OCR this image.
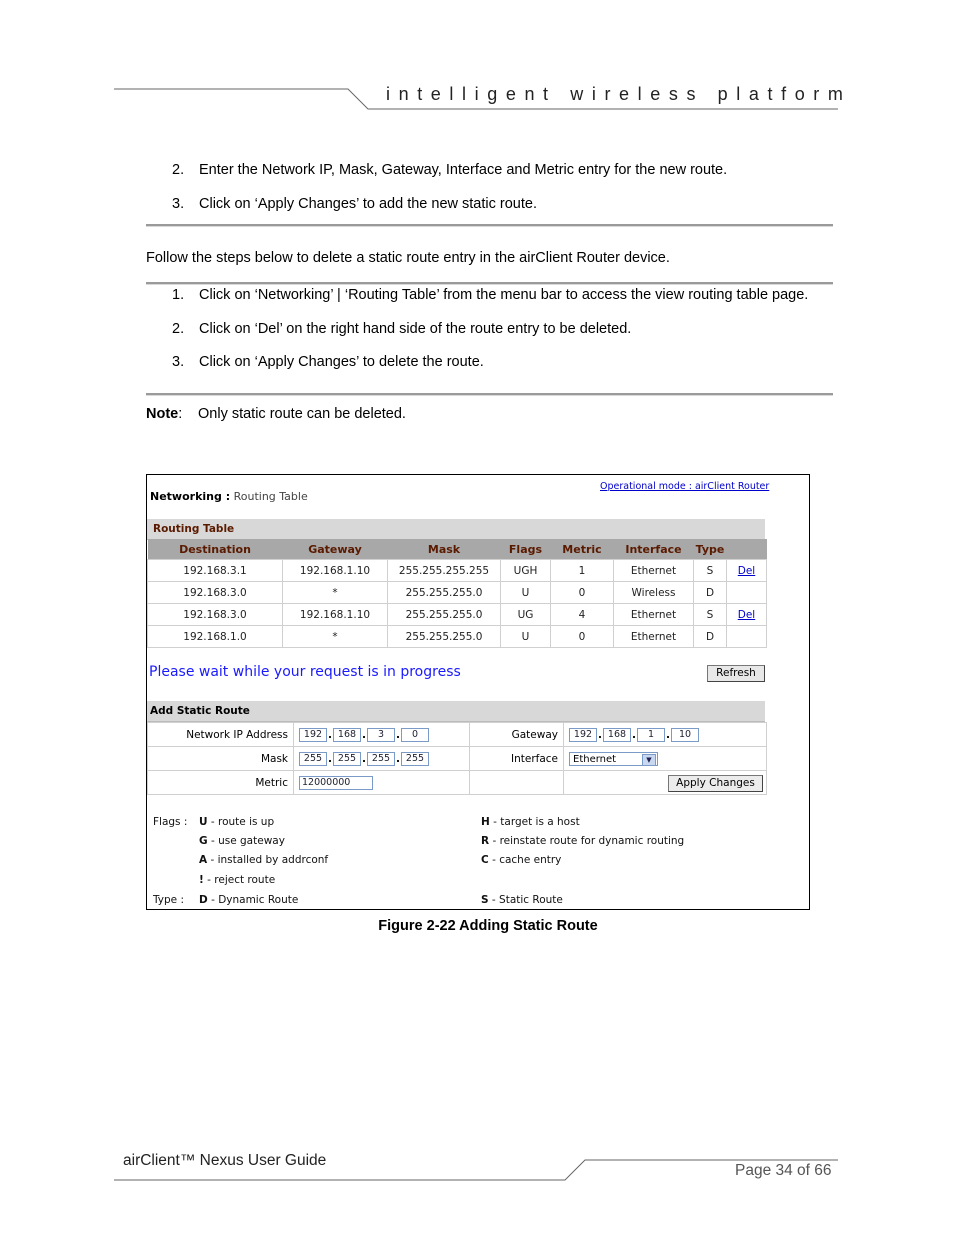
intelligent wireless platform
2. Enter the Network IP, Mask, Gateway, Interface and Metric entry for the new route.
3. Click on ‘Apply Changes’ to add the new static route.
Follow the steps below to delete a static route entry in the airClient Router device.
1. Click on ‘Networking’ | ‘Routing Table’ from the menu bar to access the view routing table page.
2. Click on ‘Del’ on the right hand side of the route entry to be deleted.
3. Click on ‘Apply Changes’ to delete the route.
Note: Only static route can be deleted.
Networking : Routing Table
Operational mode : airClient Router
Routing Table
Destination	Gateway	Mask	Flags	Metric	Interface	Type	
192.168.3.1	192.168.1.10	255.255.255.255	UGH	1	Ethernet	S	Del
192.168.3.0	*	255.255.255.0	U	0	Wireless	D	
192.168.3.0	192.168.1.10	255.255.255.0	UG	4	Ethernet	S	Del
192.168.1.0	*	255.255.255.0	U	0	Ethernet	D	
Please wait while your request is in progress	Refresh
Add Static Route
Network IP Address	192 . 168 . 3 . 0	Gateway	192 . 168 . 1 . 10
Mask	255 . 255 . 255 . 255	Interface	Ethernet ▼

Metric	12000000			Apply Changes
Flags :
Type :
U - route is up
G - use gateway
A - installed by addrconf
! - reject route
D - Dynamic Route
H - target is a host
R - reinstate route for dynamic routing
C - cache entry
S - Static Route
Figure 2-22 Adding Static Route
airClient™ Nexus User Guide
Page 34 of 66
